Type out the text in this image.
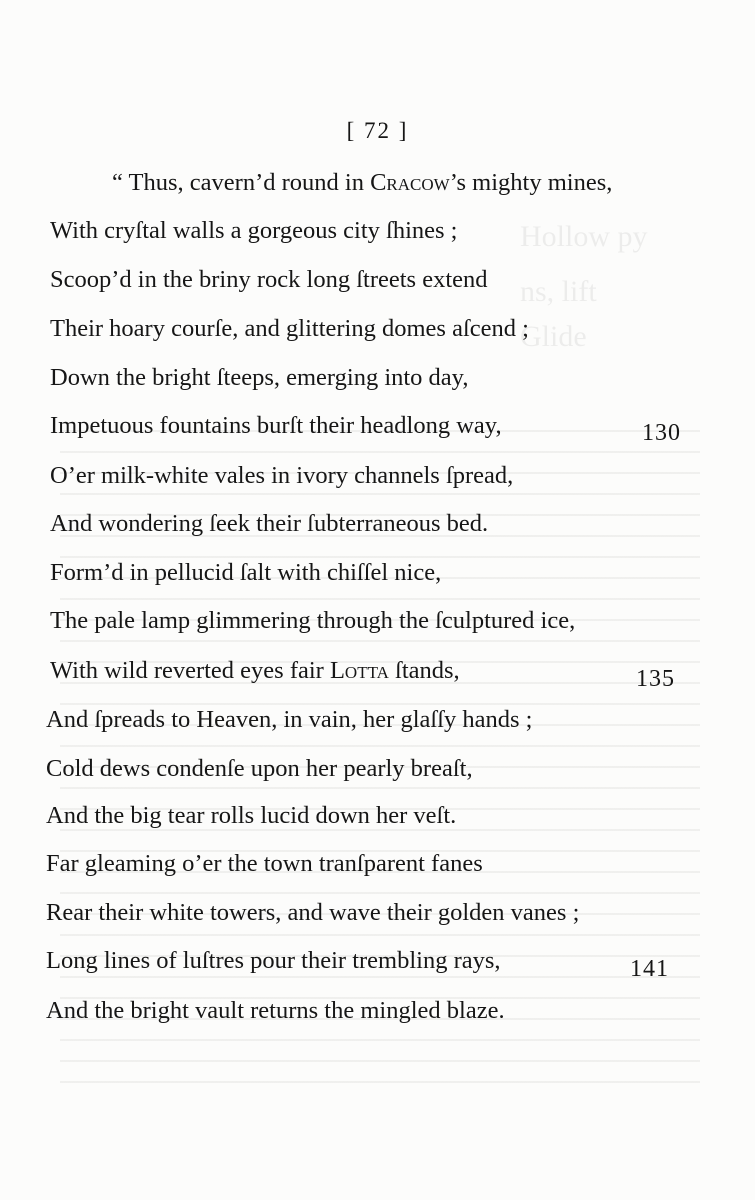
Hollow py
ns, lift
Glide
[ 72 ]
“ Thus, cavern’d round in Cracow’s mighty mines,
With cryſtal walls a gorgeous city ſhines ;
Scoop’d in the briny rock long ſtreets extend
Their hoary courſe, and glittering domes aſcend ;
Down the bright ſteeps, emerging into day,
Impetuous fountains burſt their headlong way,	130
O’er milk-white vales in ivory channels ſpread,
And wondering ſeek their ſubterraneous bed.
Form’d in pellucid ſalt with chiſſel nice,
The pale lamp glimmering through the ſculptured ice,
With wild reverted eyes fair Lotta ſtands,	135
And ſpreads to Heaven, in vain, her glaſſy hands ;
Cold dews condenſe upon her pearly breaſt,
And the big tear rolls lucid down her veſt.
Far gleaming o’er the town tranſparent fanes
Rear their white towers, and wave their golden vanes ;
Long lines of luſtres pour their trembling rays,	141
And the bright vault returns the mingled blaze.
